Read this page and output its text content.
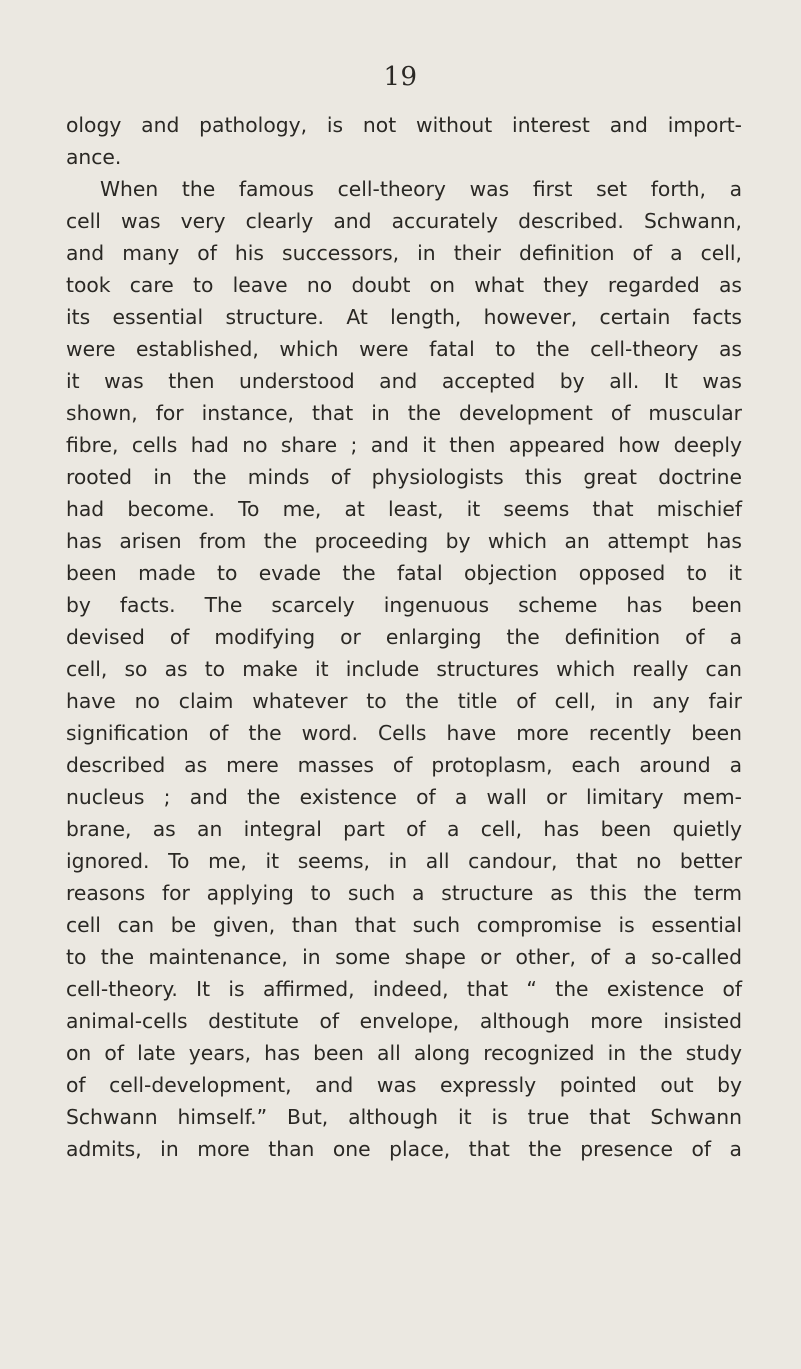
19
ology and pathology, is not without interest and import-
ance.
When the famous cell-theory was first set forth, a
cell was very clearly and accurately described. Schwann,
and many of his successors, in their definition of a cell,
took care to leave no doubt on what they regarded as
its essential structure. At length, however, certain facts
were established, which were fatal to the cell-theory as
it was then understood and accepted by all. It was
shown, for instance, that in the development of muscular
fibre, cells had no share ; and it then appeared how deeply
rooted in the minds of physiologists this great doctrine
had become. To me, at least, it seems that mischief
has arisen from the proceeding by which an attempt has
been made to evade the fatal objection opposed to it
by facts. The scarcely ingenuous scheme has been
devised of modifying or enlarging the definition of a
cell, so as to make it include structures which really can
have no claim whatever to the title of cell, in any fair
signification of the word. Cells have more recently been
described as mere masses of protoplasm, each around a
nucleus ; and the existence of a wall or limitary mem-
brane, as an integral part of a cell, has been quietly
ignored. To me, it seems, in all candour, that no better
reasons for applying to such a structure as this the term
cell can be given, than that such compromise is essential
to the maintenance, in some shape or other, of a so-called
cell-theory. It is affirmed, indeed, that “ the existence of
animal-cells destitute of envelope, although more insisted
on of late years, has been all along recognized in the study
of cell-development, and was expressly pointed out by
Schwann himself.” But, although it is true that Schwann
admits, in more than one place, that the presence of a
